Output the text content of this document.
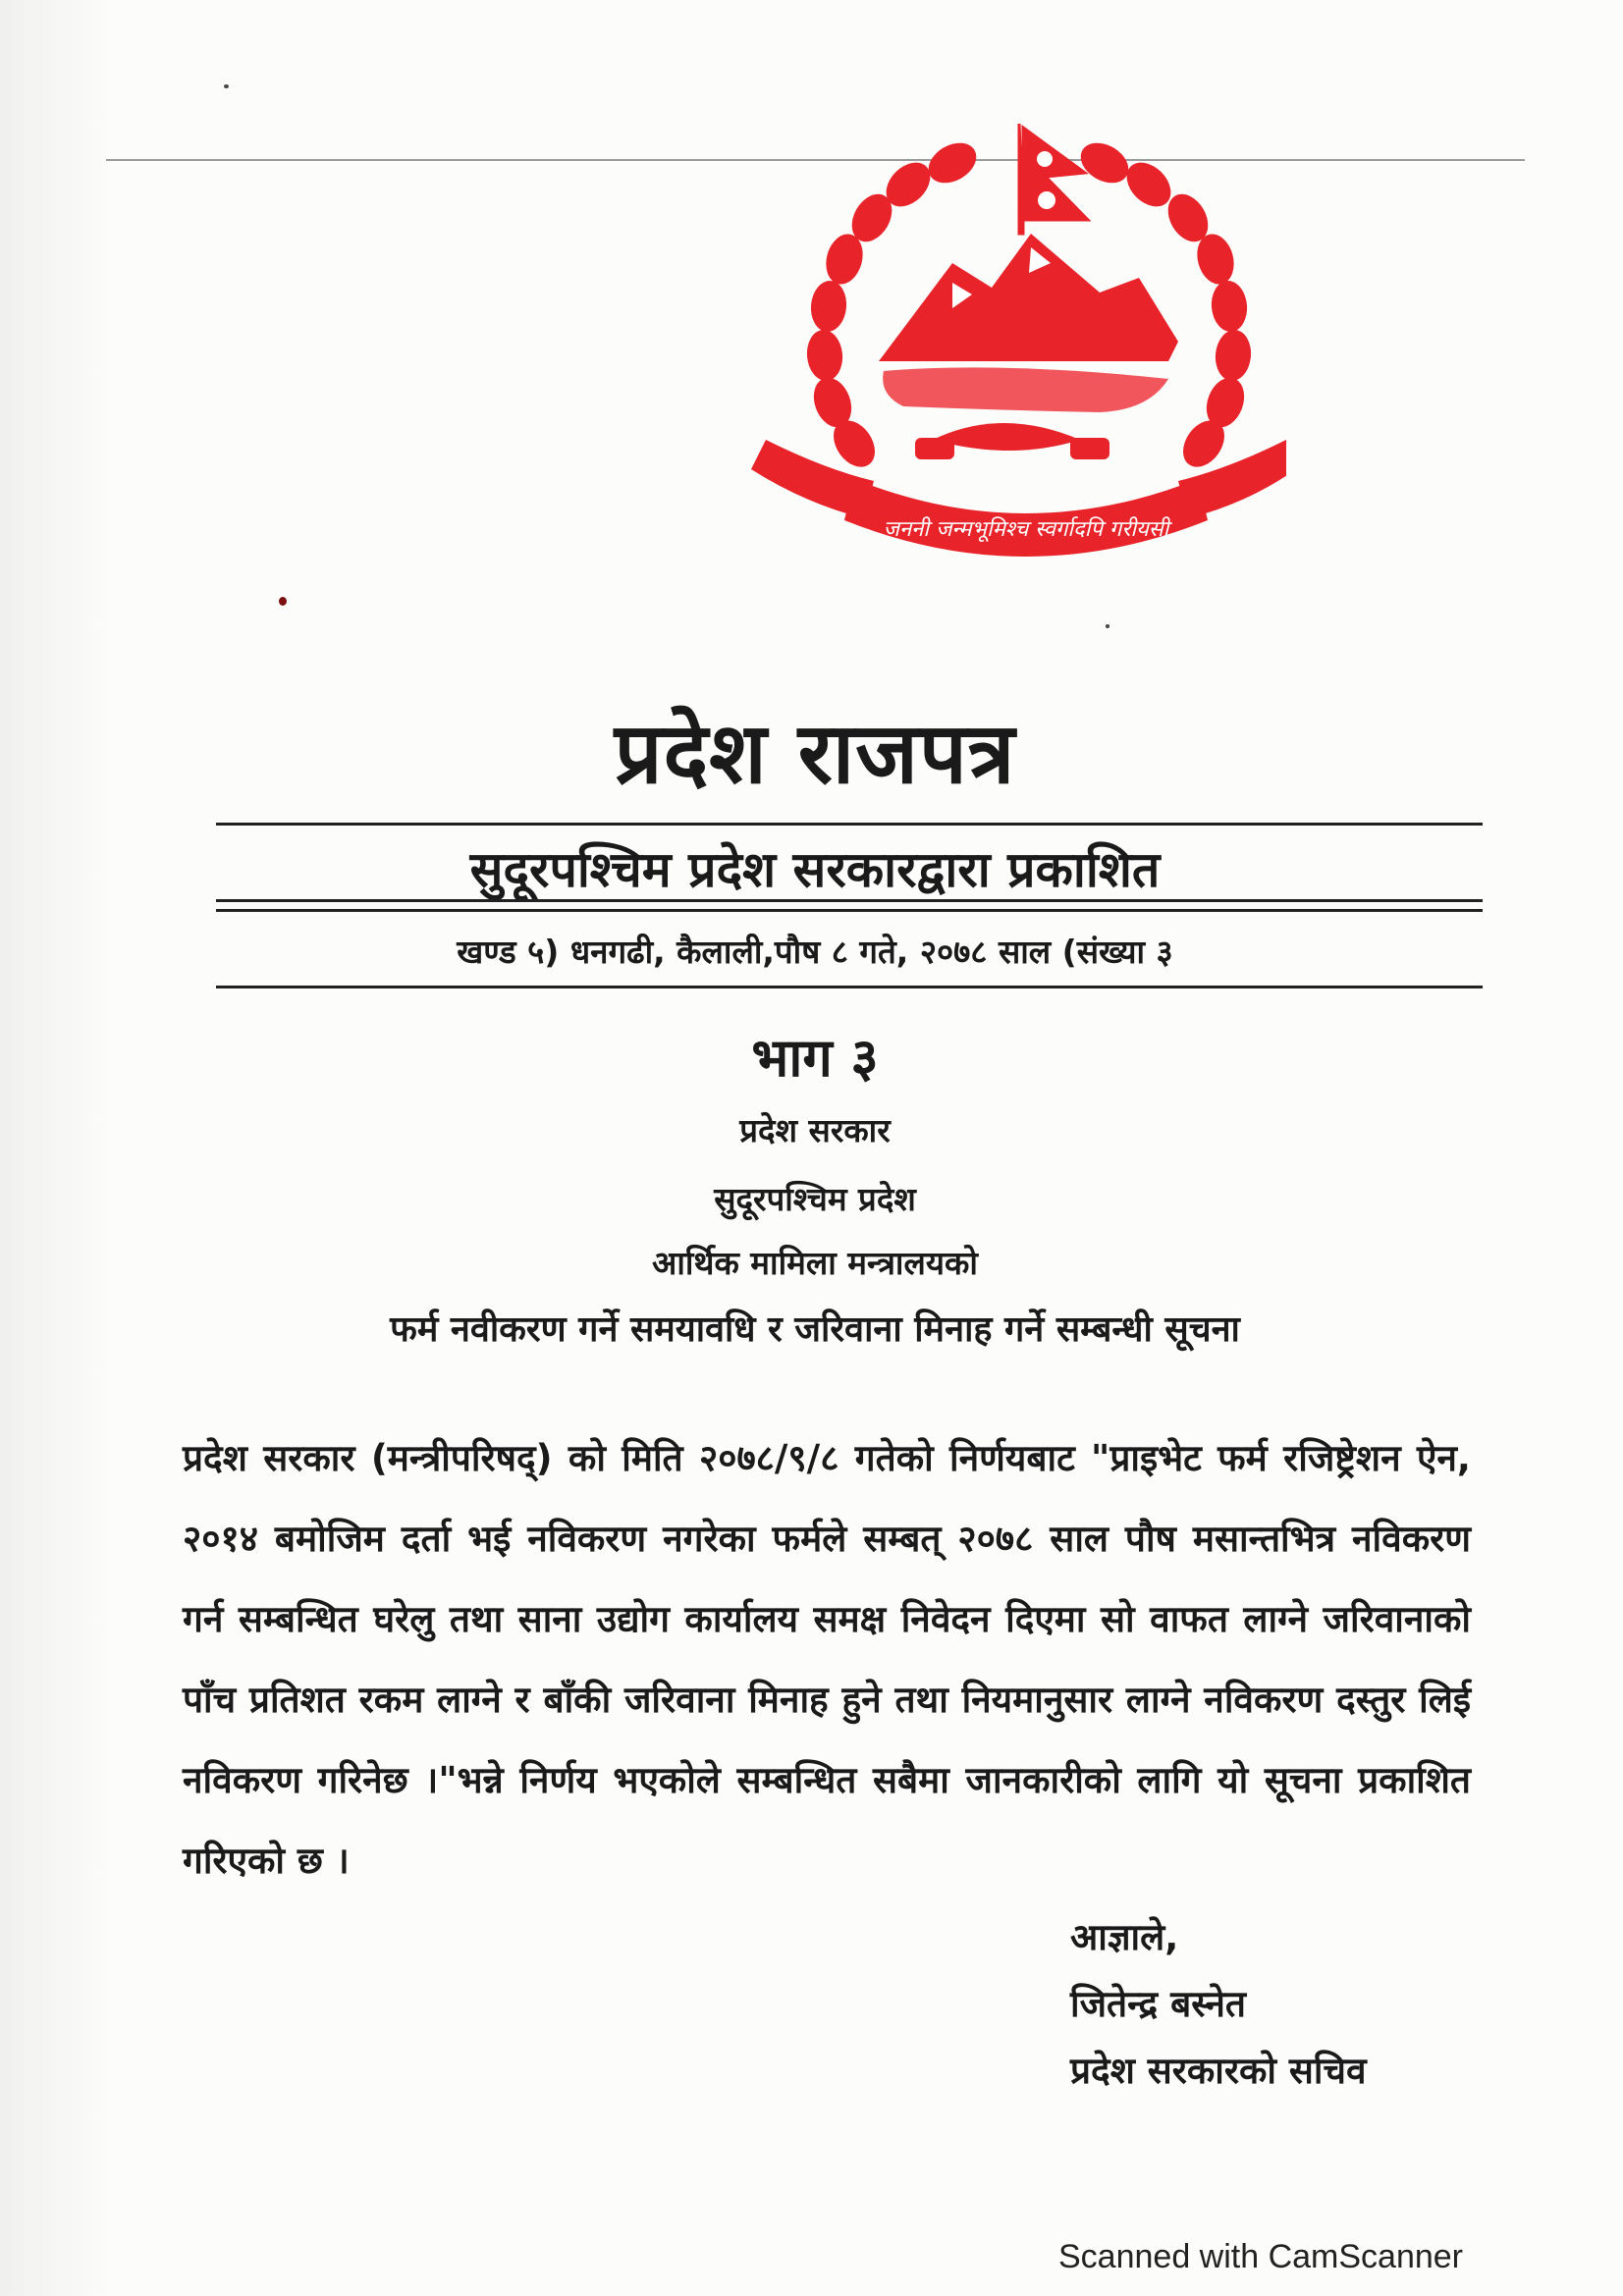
जननी जन्मभूमिश्च स्वर्गादपि गरीयसी
प्रदेश राजपत्र
सुदूरपश्चिम प्रदेश सरकारद्वारा प्रकाशित
खण्ड ५) धनगढी, कैलाली,पौष ८ गते, २०७८ साल (संख्या ३
भाग ३
प्रदेश सरकार
सुदूरपश्चिम प्रदेश
आर्थिक मामिला मन्त्रालयको
फर्म नवीकरण गर्ने समयावधि र जरिवाना मिनाह गर्ने सम्बन्धी सूचना

प्रदेश सरकार (मन्त्रीपरिषद्) को मिति २०७८/९/८ गतेको निर्णयबाट "प्राइभेट फर्म रजिष्ट्रेशन ऐन, २०१४ बमोजिम दर्ता भई नविकरण नगरेका फर्मले सम्बत् २०७८ साल पौष मसान्तभित्र नविकरण गर्न सम्बन्धित घरेलु तथा साना उद्योग कार्यालय समक्ष निवेदन दिएमा सो वाफत लाग्ने जरिवानाको पाँच प्रतिशत रकम लाग्ने र बाँकी जरिवाना मिनाह हुने तथा नियमानुसार लाग्ने नविकरण दस्तुर लिई नविकरण गरिनेछ ।"भन्ने निर्णय भएकोले सम्बन्धित सबैमा जानकारीको लागि यो सूचना प्रकाशित गरिएको छ ।

आज्ञाले,
जितेन्द्र बस्नेत
प्रदेश सरकारको सचिव
Scanned with CamScanner
